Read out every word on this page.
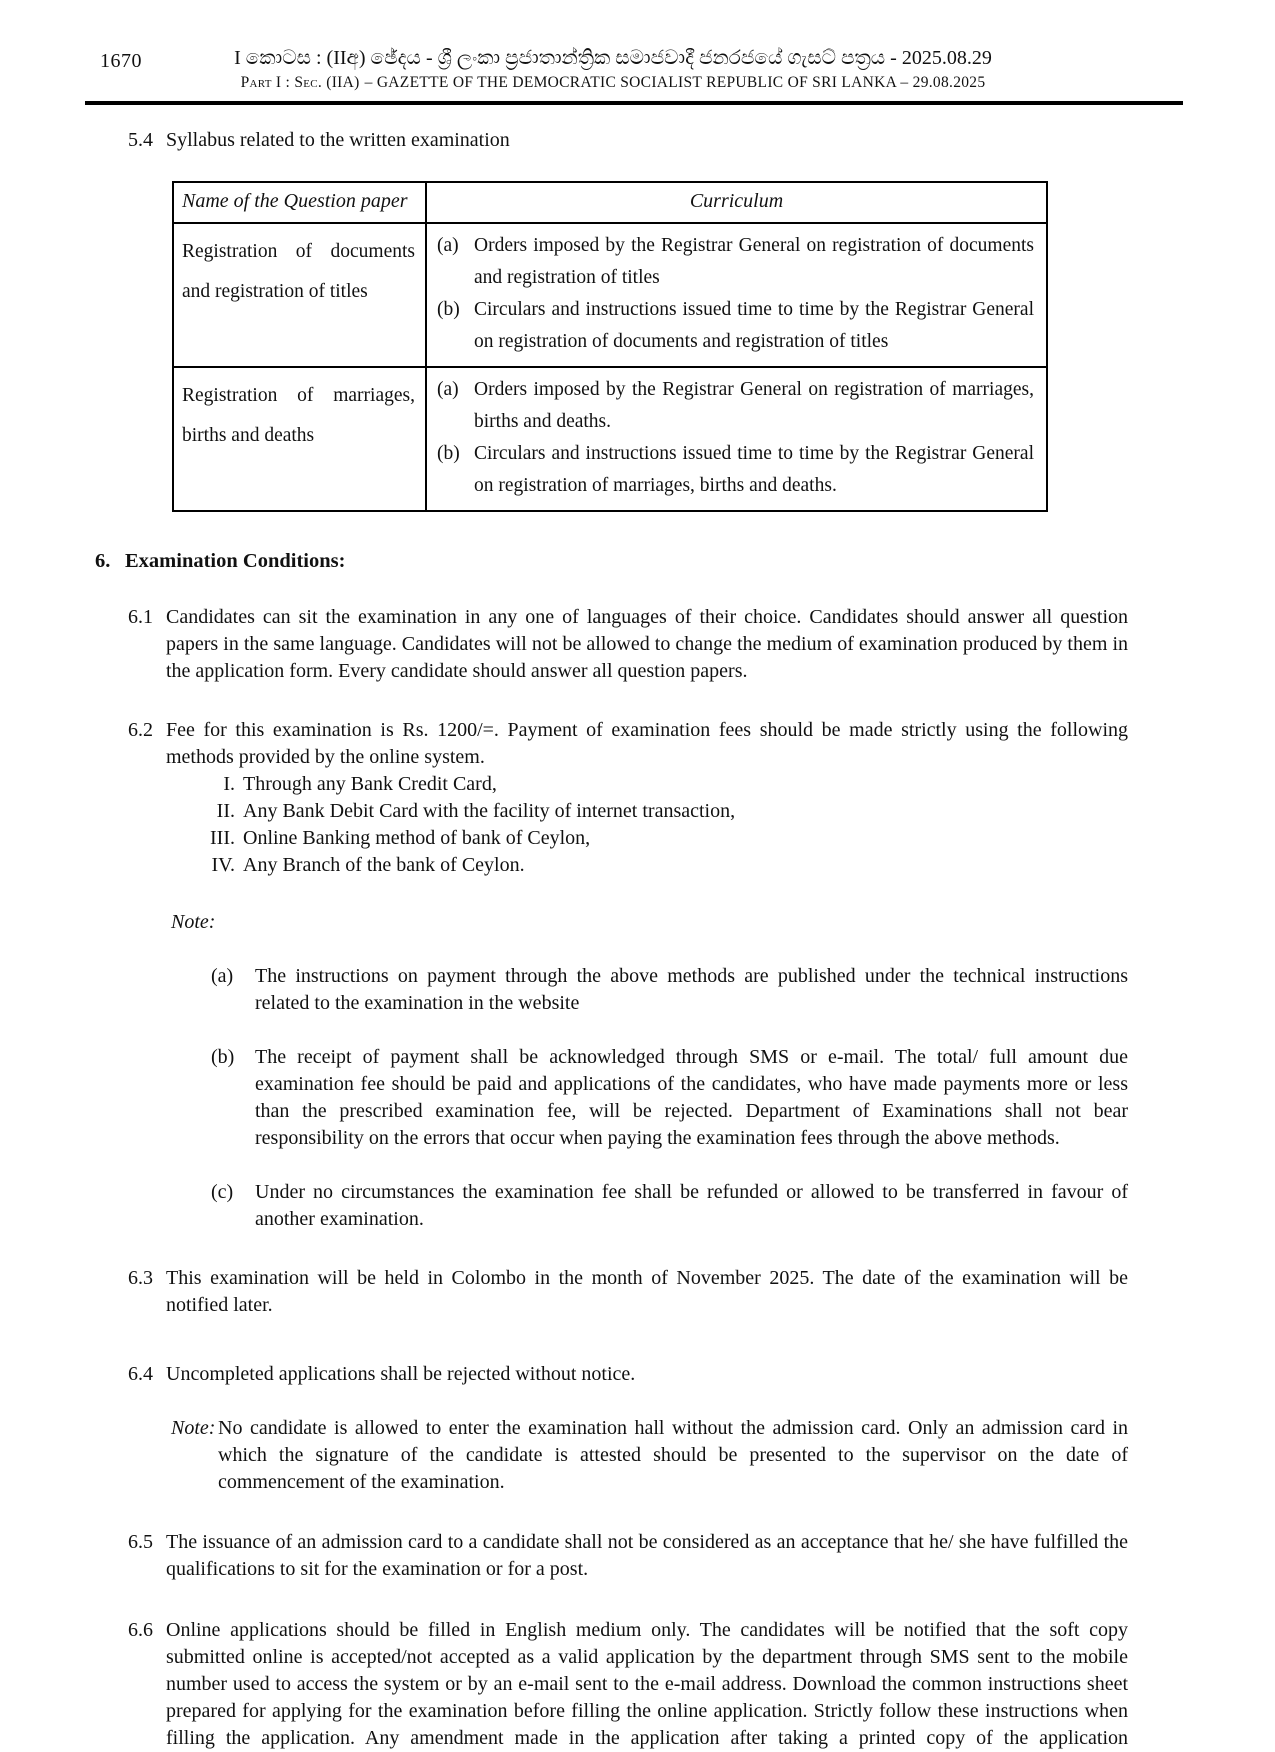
1670	I කොටස : (IIඅ) ඡේදය - ශ්‍රී ලංකා ප්‍රජාතාන්ත්‍රික සමාජවාදී ජනරජයේ ගැසට් පත්‍රය - 2025.08.29
Part I : Sec. (IIA) – GAZETTE OF THE DEMOCRATIC SOCIALIST REPUBLIC OF SRI LANKA – 29.08.2025
5.4 Syllabus related to the written examination
Name of the Question paper	Curriculum
Registration of documents and registration of titles	(a) Orders imposed by the Registrar General on registration of documents and registration of titles
(b) Circulars and instructions issued time to time by the Registrar General on registration of documents and registration of titles

Registration of marriages, births and deaths	(a) Orders imposed by the Registrar General on registration of marriages, births and deaths.
(b) Circulars and instructions issued time to time by the Registrar General on registration of marriages, births and deaths.
6. Examination Conditions:
6.1 Candidates can sit the examination in any one of languages of their choice. Candidates should answer all question papers in the same language. Candidates will not be allowed to change the medium of examination produced by them in the application form. Every candidate should answer all question papers.
6.2 Fee for this examination is Rs. 1200/=. Payment of examination fees should be made strictly using the following methods provided by the online system.
I. Through any Bank Credit Card,
II. Any Bank Debit Card with the facility of internet transaction,
III. Online Banking method of bank of Ceylon,
IV. Any Branch of the bank of Ceylon.
Note:
(a) The instructions on payment through the above methods are published under the technical instructions related to the examination in the website
(b) The receipt of payment shall be acknowledged through SMS or e-mail. The total/ full amount due examination fee should be paid and applications of the candidates, who have made payments more or less than the prescribed examination fee, will be rejected. Department of Examinations shall not bear responsibility on the errors that occur when paying the examination fees through the above methods.
(c) Under no circumstances the examination fee shall be refunded or allowed to be transferred in favour of another examination.
6.3 This examination will be held in Colombo in the month of November 2025. The date of the examination will be notified later.
6.4 Uncompleted applications shall be rejected without notice.
Note: No candidate is allowed to enter the examination hall without the admission card. Only an admission card in which the signature of the candidate is attested should be presented to the supervisor on the date of commencement of the examination.
6.5 The issuance of an admission card to a candidate shall not be considered as an acceptance that he/ she have fulfilled the qualifications to sit for the examination or for a post.
6.6 Online applications should be filled in English medium only. The candidates will be notified that the soft copy submitted online is accepted/not accepted as a valid application by the department through SMS sent to the mobile number used to access the system or by an e-mail sent to the e-mail address. Download the common instructions sheet prepared for applying for the examination before filling the online application. Strictly follow these instructions when filling the application. Any amendment made in the application after taking a printed copy of the application
